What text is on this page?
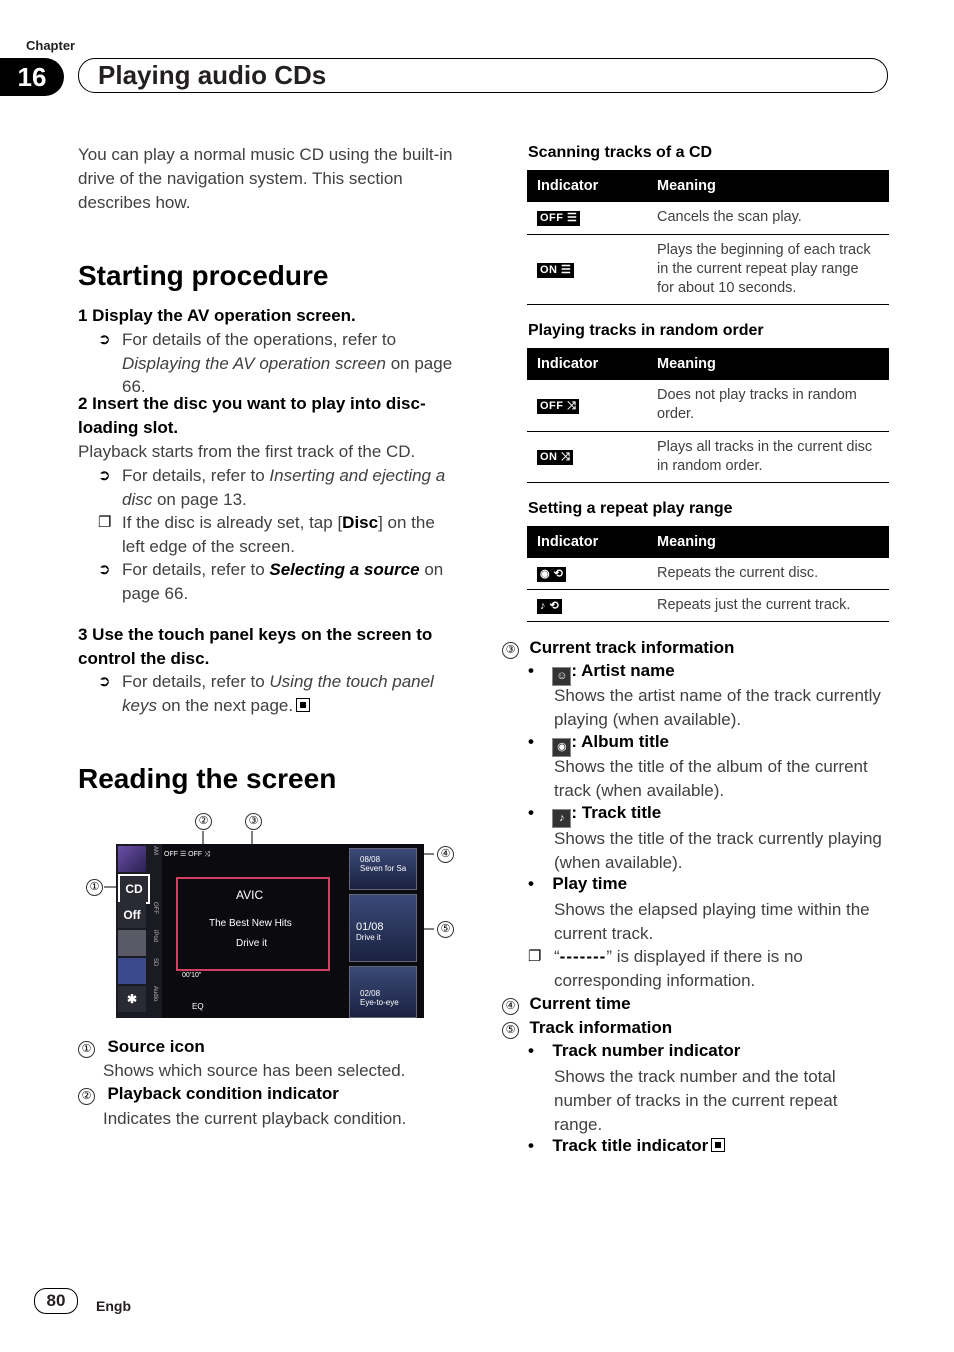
Chapter
16	Playing audio CDs
You can play a normal music CD using the built-in drive of the navigation system. This section describes how.
Starting procedure
1 Display the AV operation screen.
➲ For details of the operations, refer to Displaying the AV operation screen on page 66.
2 Insert the disc you want to play into disc-loading slot.
Playback starts from the first track of the CD.
➲ For details, refer to Inserting and ejecting a disc on page 13.
❐ If the disc is already set, tap [Disc] on the left edge of the screen.
➲ For details, refer to Selecting a source on page 66.
3 Use the touch panel keys on the screen to control the disc.
➲ For details, refer to Using the touch panel keys on the next page.
Reading the screen
②	③
①
④
⑤
CD
Off
✱
AM
OFF
iPod
SD
Audio
OFF ☰ OFF ⤨
AVIC
The Best New Hits
Drive it
00'10"
EQ
08/08
Seven for Sa
01/08
Drive it
02/08
Eye-to-eye
① Source icon
Shows which source has been selected.
② Playback condition indicator
Indicates the current playback condition.
Scanning tracks of a CD
Indicator	Meaning
OFF ☰	Cancels the scan play.
ON ☰	Plays the beginning of each track in the current repeat play range for about 10 seconds.
Playing tracks in random order
Indicator	Meaning
OFF ⤨	Does not play tracks in random order.
ON ⤨	Plays all tracks in the current disc in random order.
Setting a repeat play range
Indicator	Meaning
◉ ⟲	Repeats the current disc.
♪ ⟲	Repeats just the current track.
③ Current track information
• ☺ : Artist name
Shows the artist name of the track currently playing (when available).
• ◉ : Album title
Shows the title of the album of the current track (when available).
• ♪ : Track title
Shows the title of the track currently playing (when available).
• Play time
Shows the elapsed playing time within the current track.
❐ “-------” is displayed if there is no corresponding information.
④ Current time
⑤ Track information
• Track number indicator
Shows the track number and the total number of tracks in the current repeat range.
• Track title indicator
80	Engb
